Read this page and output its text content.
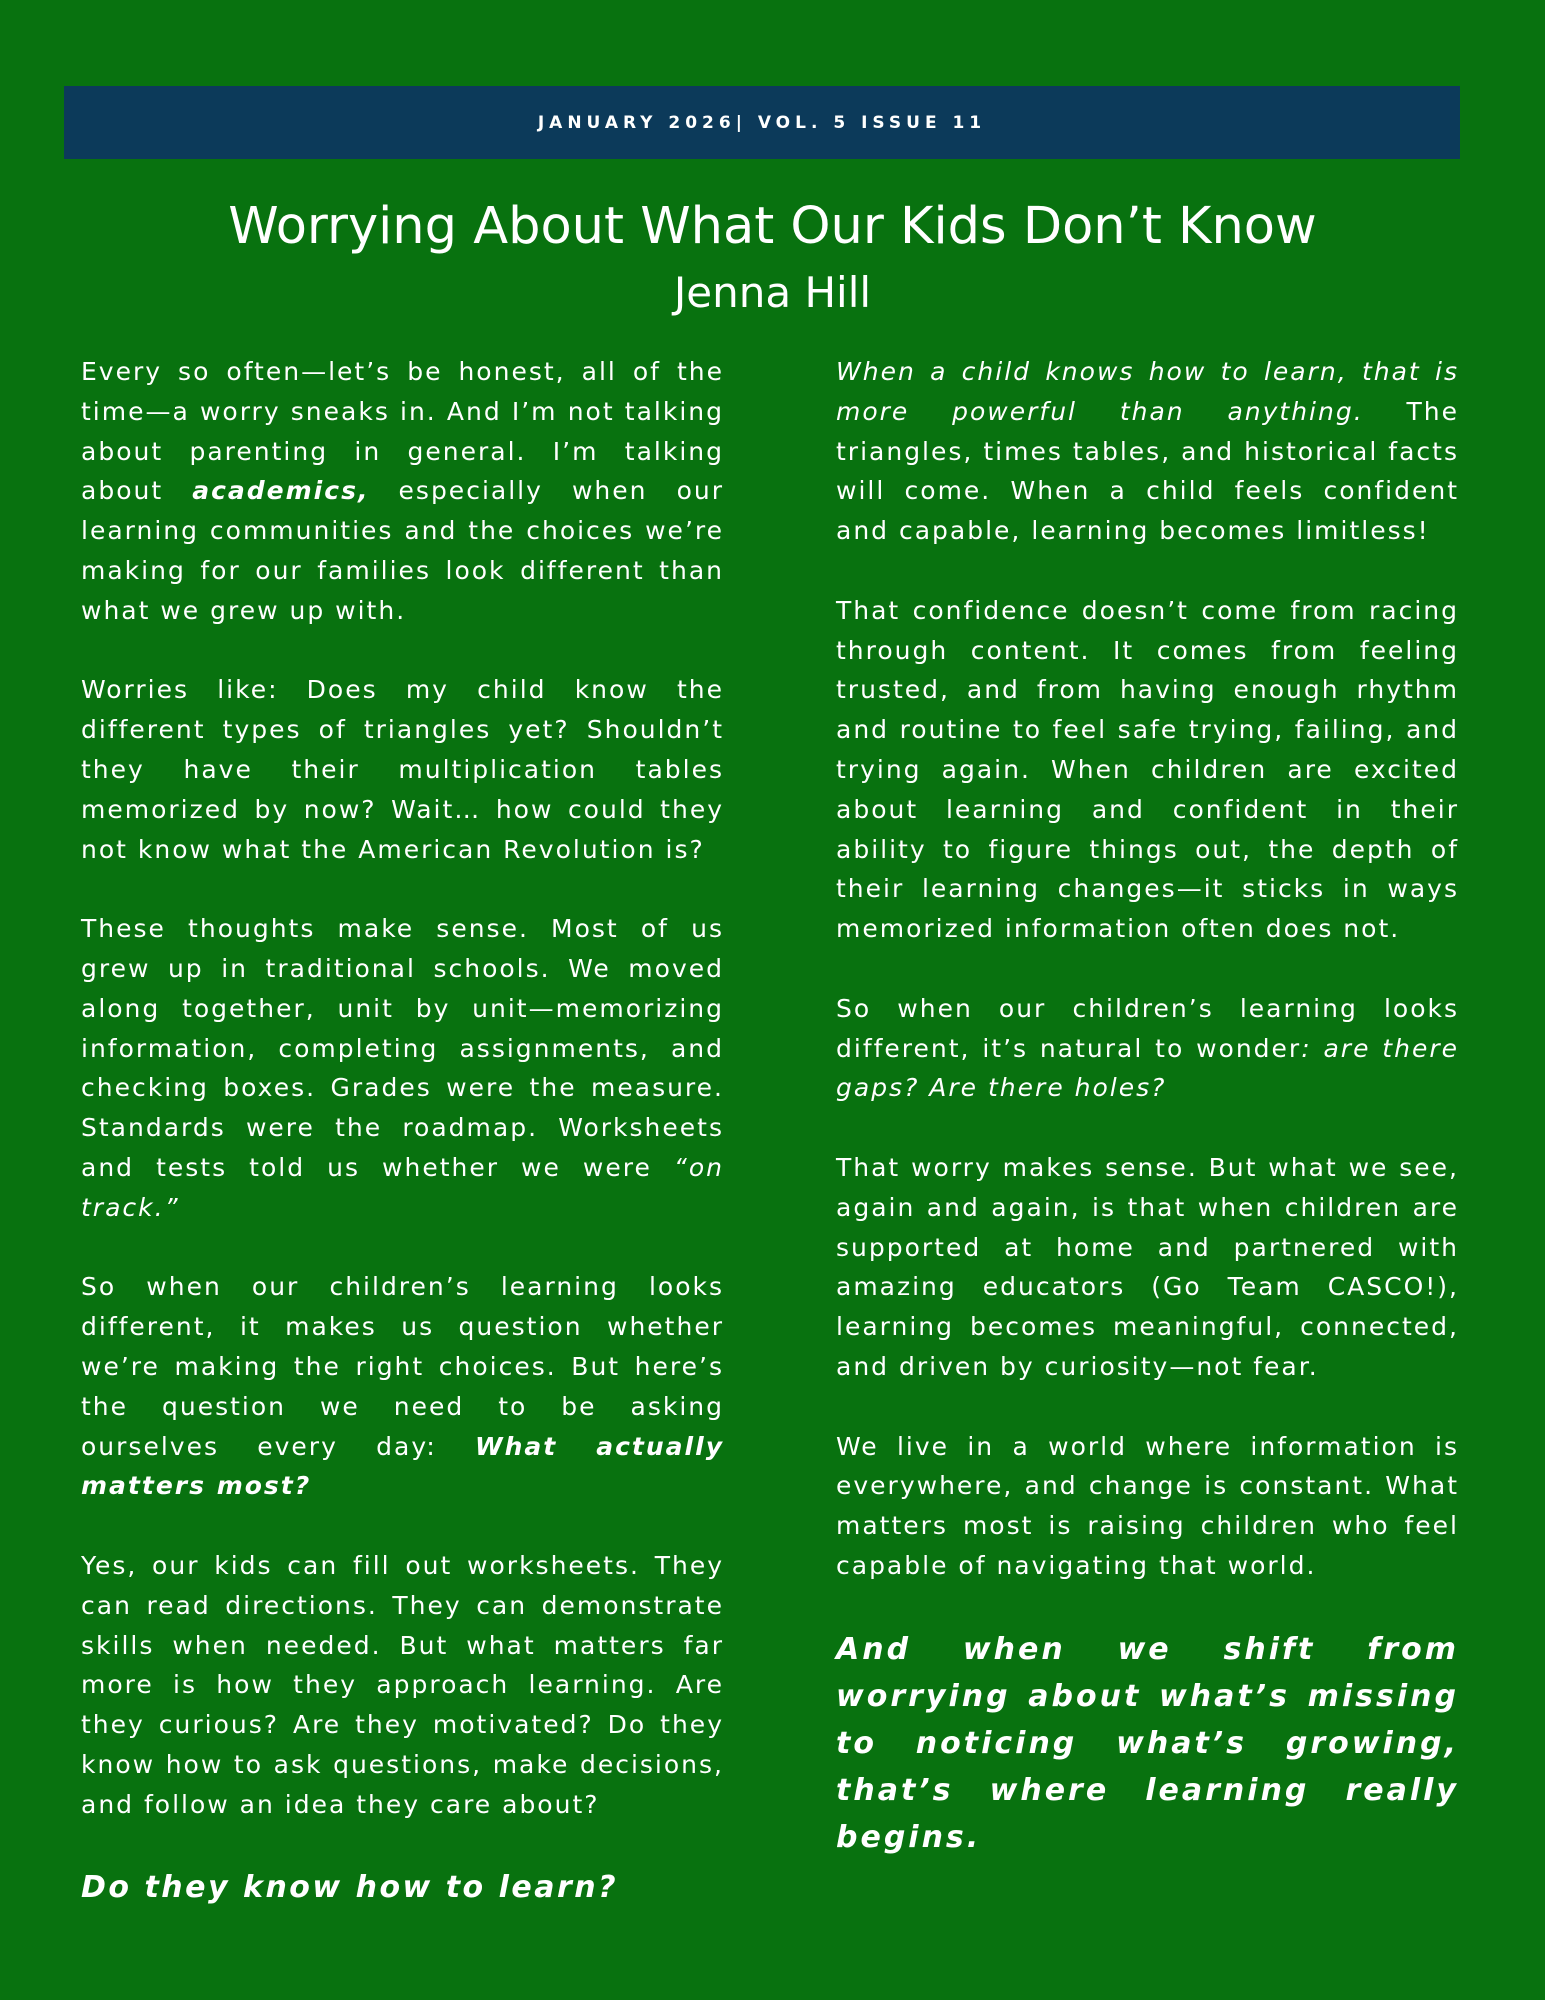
JANUARY 2026| VOL. 5 ISSUE 11
Worrying About What Our Kids Don’t Know
Jenna Hill

Every so often—let’s be honest, all of the time—a worry sneaks in. And I’m not talking about parenting in general. I’m talking about academics, especially when our learning communities and the choices we’re making for our families look different than what we grew up with.

Worries like: Does my child know the different types of triangles yet? Shouldn’t they have their multiplication tables memorized by now? Wait… how could they not know what the American Revolution is?

These thoughts make sense. Most of us grew up in traditional schools. We moved along together, unit by unit—memorizing information, completing assignments, and checking boxes. Grades were the measure. Standards were the roadmap. Worksheets and tests told us whether we were “on track.”

So when our children’s learning looks different, it makes us question whether we’re making the right choices. But here’s the question we need to be asking ourselves every day: What actually matters most?

Yes, our kids can fill out worksheets. They can read directions. They can demonstrate skills when needed. But what matters far more is how they approach learning. Are they curious? Are they motivated? Do they know how to ask questions, make decisions, and follow an idea they care about?

Do they know how to learn?

When a child knows how to learn, that is more powerful than anything. The triangles, times tables, and historical facts will come. When a child feels confident and capable, learning becomes limitless!

That confidence doesn’t come from racing through content. It comes from feeling trusted, and from having enough rhythm and routine to feel safe trying, failing, and trying again. When children are excited about learning and confident in their ability to figure things out, the depth of their learning changes—it sticks in ways memorized information often does not.

So when our children’s learning looks different, it’s natural to wonder: are there gaps? Are there holes?

That worry makes sense. But what we see, again and again, is that when children are supported at home and partnered with amazing educators (Go Team CASCO!), learning becomes meaningful, connected, and driven by curiosity—not fear.

We live in a world where information is everywhere, and change is constant. What matters most is raising children who feel capable of navigating that world.

And when we shift from worrying about what’s missing to noticing what’s growing, that’s where learning really begins.
